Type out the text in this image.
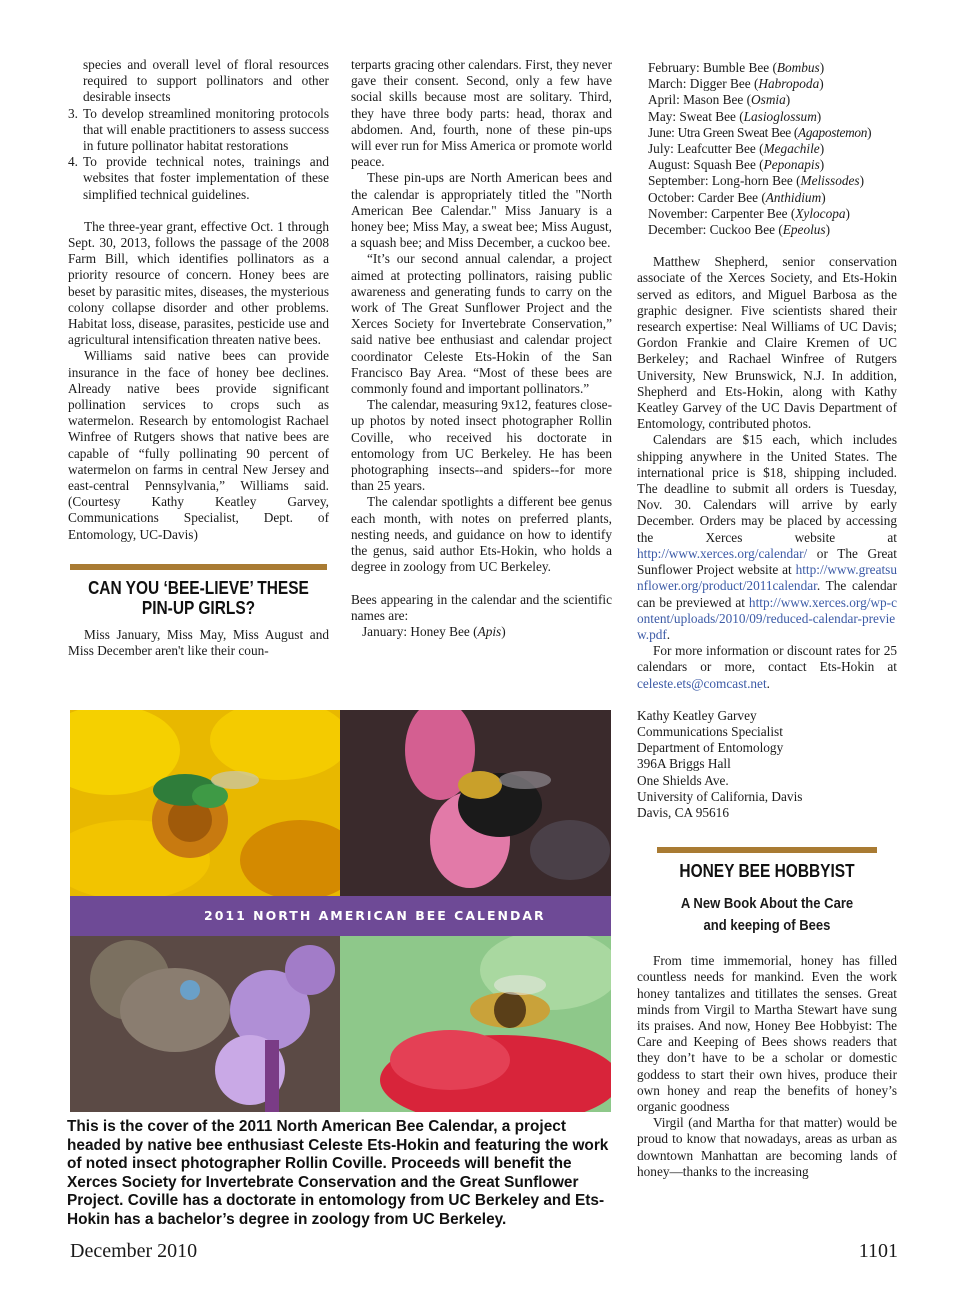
species and overall level of floral resources required to support pollinators and other desirable insects
3. To develop streamlined monitoring protocols that will enable practitioners to assess success in future pollinator habitat restorations
4. To provide technical notes, trainings and websites that foster implementation of these simplified technical guidelines.

The three-year grant, effective Oct. 1 through Sept. 30, 2013, follows the passage of the 2008 Farm Bill, which identifies pollinators as a priority resource of concern. Honey bees are beset by parasitic mites, diseases, the mysterious colony collapse disorder and other problems. Habitat loss, disease, parasites, pesticide use and agricultural intensification threaten native bees.

Williams said native bees can provide insurance in the face of honey bee declines. Already native bees provide significant pollination services to crops such as watermelon. Research by entomologist Rachael Winfree of Rutgers shows that native bees are capable of “fully pollinating 90 percent of watermelon on farms in central New Jersey and east-central Pennsylvania,” Williams said. (Courtesy Kathy Keatley Garvey, Communications Specialist, Dept. of Entomology, UC-Davis)

CAN YOU ‘BEE-LIEVE’ THESE PIN-UP GIRLS?

Miss January, Miss May, Miss August and Miss December aren't like their coun-

terparts gracing other calendars. First, they never gave their consent. Second, only a few have social skills because most are solitary. Third, they have three body parts: head, thorax and abdomen. And, fourth, none of these pin-ups will ever run for Miss America or promote world peace.

These pin-ups are North American bees and the calendar is appropriately titled the "North American Bee Calendar." Miss January is a honey bee; Miss May, a sweat bee; Miss August, a squash bee; and Miss December, a cuckoo bee.

“It’s our second annual calendar, a project aimed at protecting pollinators, raising public awareness and generating funds to carry on the work of The Great Sunflower Project and the Xerces Society for Invertebrate Conservation,” said native bee enthusiast and calendar project coordinator Celeste Ets-Hokin of the San Francisco Bay Area. “Most of these bees are commonly found and important pollinators.”

The calendar, measuring 9x12, features close-up photos by noted insect photographer Rollin Coville, who received his doctorate in entomology from UC Berkeley. He has been photographing insects--and spiders--for more than 25 years.

The calendar spotlights a different bee genus each month, with notes on preferred plants, nesting needs, and guidance on how to identify the genus, said author Ets-Hokin, who holds a degree in zoology from UC Berkeley.

Bees appearing in the calendar and the scientific names are:

January: Honey Bee (Apis)

February: Bumble Bee (Bombus)

March: Digger Bee (Habropoda)

April: Mason Bee (Osmia)

May: Sweat Bee (Lasioglossum)

June: Utra Green Sweat Bee (Agapostemon)

July: Leafcutter Bee (Megachile)

August: Squash Bee (Peponapis)

September: Long-horn Bee (Melissodes)

October: Carder Bee (Anthidium)

November: Carpenter Bee (Xylocopa)

December: Cuckoo Bee (Epeolus)

Matthew Shepherd, senior conservation associate of the Xerces Society, and Ets-Hokin served as editors, and Miguel Barbosa as the graphic designer. Five scientists shared their research expertise: Neal Williams of UC Davis; Gordon Frankie and Claire Kremen of UC Berkeley; and Rachael Winfree of Rutgers University, New Brunswick, N.J. In addition, Shepherd and Ets-Hokin, along with Kathy Keatley Garvey of the UC Davis Department of Entomology, contributed photos.

Calendars are $15 each, which includes shipping anywhere in the United States. The international price is $18, shipping included. The deadline to submit all orders is Tuesday, Nov. 30. Calendars will arrive by early December. Orders may be placed by accessing the Xerces website at http://www.xerces.org/calendar/ or The Great Sunflower Project website at http://www.greatsunflower.org/product/2011calendar. The calendar can be previewed at http://www.xerces.org/wp-content/uploads/2010/09/reduced-calendar-preview.pdf.

For more information or discount rates for 25 calendars or more, contact Ets-Hokin at celeste.ets@comcast.net.

Kathy Keatley Garvey

Communications Specialist

Department of Entomology

396A Briggs Hall

One Shields Ave.

University of California, Davis

Davis, CA 95616

HONEY BEE HOBBYIST
A New Book About the Care
and keeping of Bees

From time immemorial, honey has filled countless needs for mankind. Even the work honey tantalizes and titillates the senses. Great minds from Virgil to Martha Stewart have sung its praises. And now, Honey Bee Hobbyist: The Care and Keeping of Bees shows readers that they don’t have to be a scholar or domestic goddess to start their own hives, produce their own honey and reap the benefits of honey’s organic goodness

Virgil (and Martha for that matter) would be proud to know that nowadays, areas as urban as downtown Manhattan are becoming lands of honey—thanks to the increasing

2011 NORTH AMERICAN BEE CALENDAR
This is the cover of the 2011 North American Bee Calendar, a project headed by native bee enthusiast Celeste Ets-Hokin and featuring the work of noted insect photographer Rollin Coville. Proceeds will benefit the Xerces Society for Invertebrate Conservation and the Great Sunflower Project. Coville has a doctorate in entomology from UC Berkeley and Ets-Hokin has a bachelor’s degree in zoology from UC Berkeley.
December 2010	1101
